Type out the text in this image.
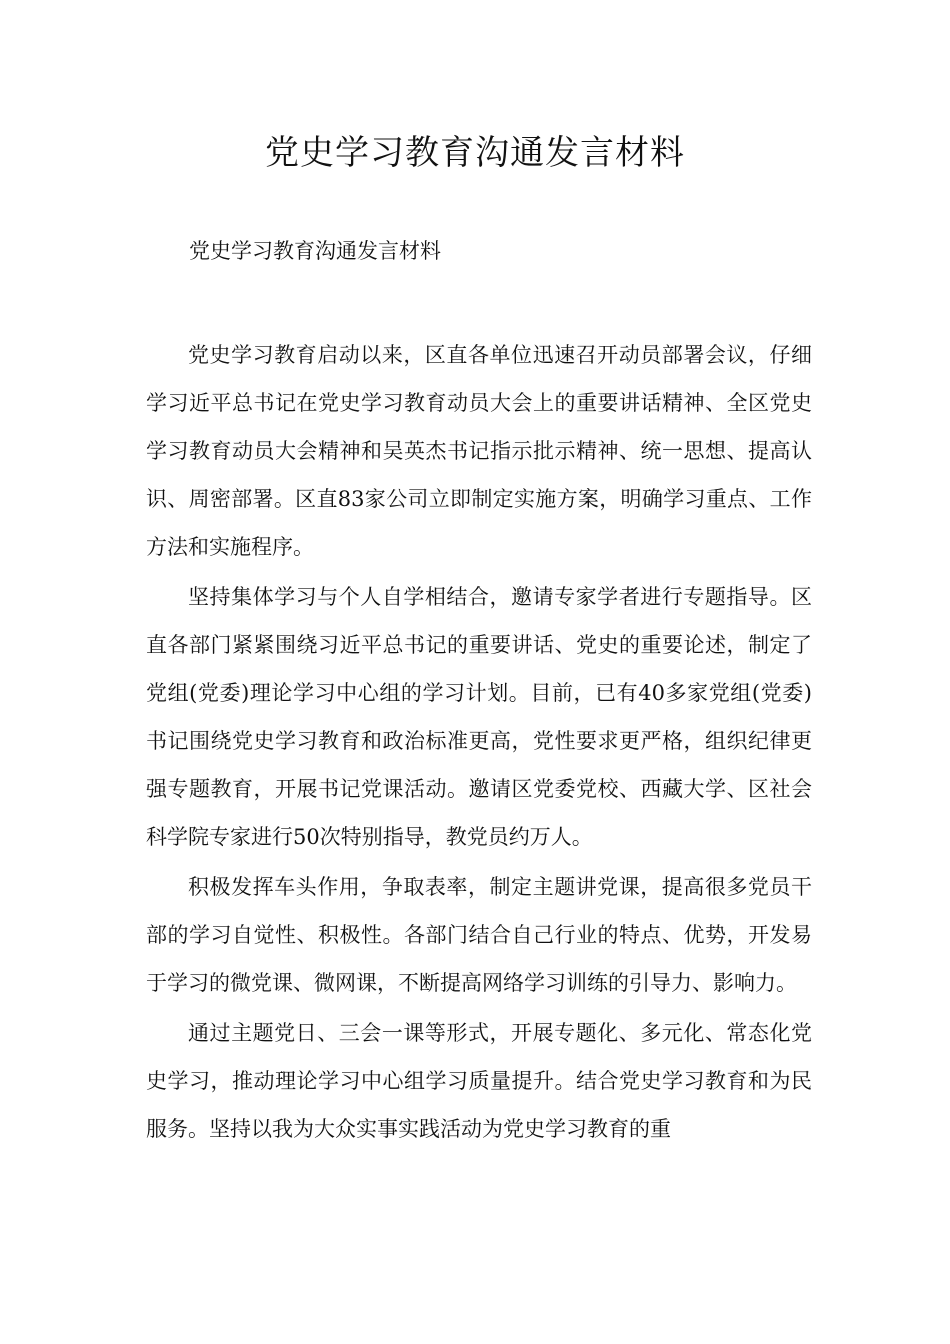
党史学习教育沟通发言材料

党史学习教育沟通发言材料

党史学习教育启动以来，区直各单位迅速召开动员部署会议，仔细学习近平总书记在党史学习教育动员大会上的重要讲话精神、全区党史学习教育动员大会精神和吴英杰书记指示批示精神、统一思想、提高认识、周密部署。区直83家公司立即制定实施方案，明确学习重点、工作方法和实施程序。

坚持集体学习与个人自学相结合，邀请专家学者进行专题指导。区直各部门紧紧围绕习近平总书记的重要讲话、党史的重要论述，制定了党组(党委)理论学习中心组的学习计划。目前，已有40多家党组(党委)书记围绕党史学习教育和政治标准更高，党性要求更严格，组织纪律更强专题教育，开展书记党课活动。邀请区党委党校、西藏大学、区社会科学院专家进行50次特别指导，教党员约万人。

积极发挥车头作用，争取表率，制定主题讲党课，提高很多党员干部的学习自觉性、积极性。各部门结合自己行业的特点、优势，开发易于学习的微党课、微网课，不断提高网络学习训练的引导力、影响力。

通过主题党日、三会一课等形式，开展专题化、多元化、常态化党史学习，推动理论学习中心组学习质量提升。结合党史学习教育和为民服务。坚持以我为大众实事实践活动为党史学习教育的重
